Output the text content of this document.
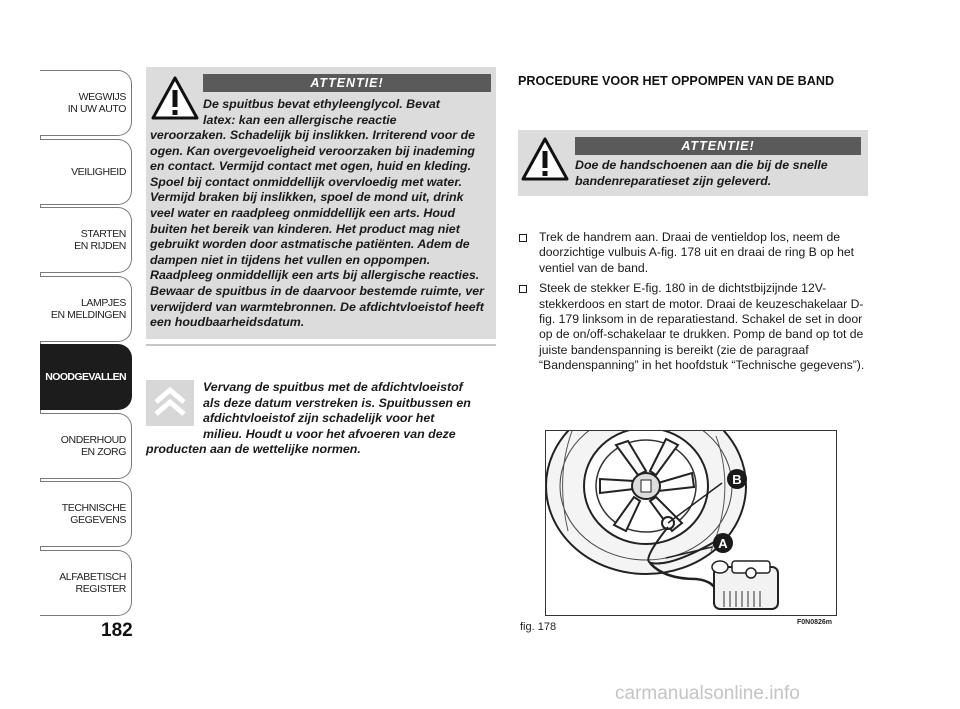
WEGWIJS
IN UW AUTO
VEILIGHEID
STARTEN
EN RIJDEN
LAMPJES
EN MELDINGEN
NOODGEVALLEN
ONDERHOUD
EN ZORG
TECHNISCHE
GEGEVENS
ALFABETISCH
REGISTER
182
ATTENTIE!
De spuitbus bevat ethyleenglycol. Bevat
latex: kan een allergische reactie
veroorzaken. Schadelijk bij inslikken. Irriterend voor de ogen. Kan overgevoeligheid veroorzaken bij inademing en contact. Vermijd contact met ogen, huid en kleding. Spoel bij contact onmiddellijk overvloedig met water. Vermijd braken bij inslikken, spoel de mond uit, drink veel water en raadpleeg onmiddellijk een arts. Houd buiten het bereik van kinderen. Het product mag niet gebruikt worden door astmatische patiënten. Adem de dampen niet in tijdens het vullen en oppompen. Raadpleeg onmiddellijk een arts bij allergische reacties. Bewaar de spuitbus in de daarvoor bestemde ruimte, ver verwijderd van warmtebronnen. De afdichtvloeistof heeft een houdbaarheidsdatum.
Vervang de spuitbus met de afdichtvloeistof
als deze datum verstreken is. Spuitbussen en
afdichtvloeistof zijn schadelijk voor het
milieu. Houdt u voor het afvoeren van deze
producten aan de wettelijke normen.
PROCEDURE VOOR HET OPPOMPEN VAN DE BAND
ATTENTIE!
Doe de handschoenen aan die bij de snelle bandenreparatieset zijn geleverd.
Trek de handrem aan. Draai de ventieldop los, neem de doorzichtige vulbuis A-fig. 178 uit en draai de ring B op het ventiel van de band.
Steek de stekker E-fig. 180 in de dichtstbijzijnde 12V-stekkerdoos en start de motor. Draai de keuzeschakelaar D-fig. 179 linksom in de reparatiestand. Schakel de set in door op de on/off-schakelaar te drukken. Pomp de band op tot de juiste bandenspanning is bereikt (zie de paragraaf “Bandenspanning” in het hoofdstuk “Technische gegevens”).
B
A
F0N0826m
fig. 178
carmanualsonline.info
